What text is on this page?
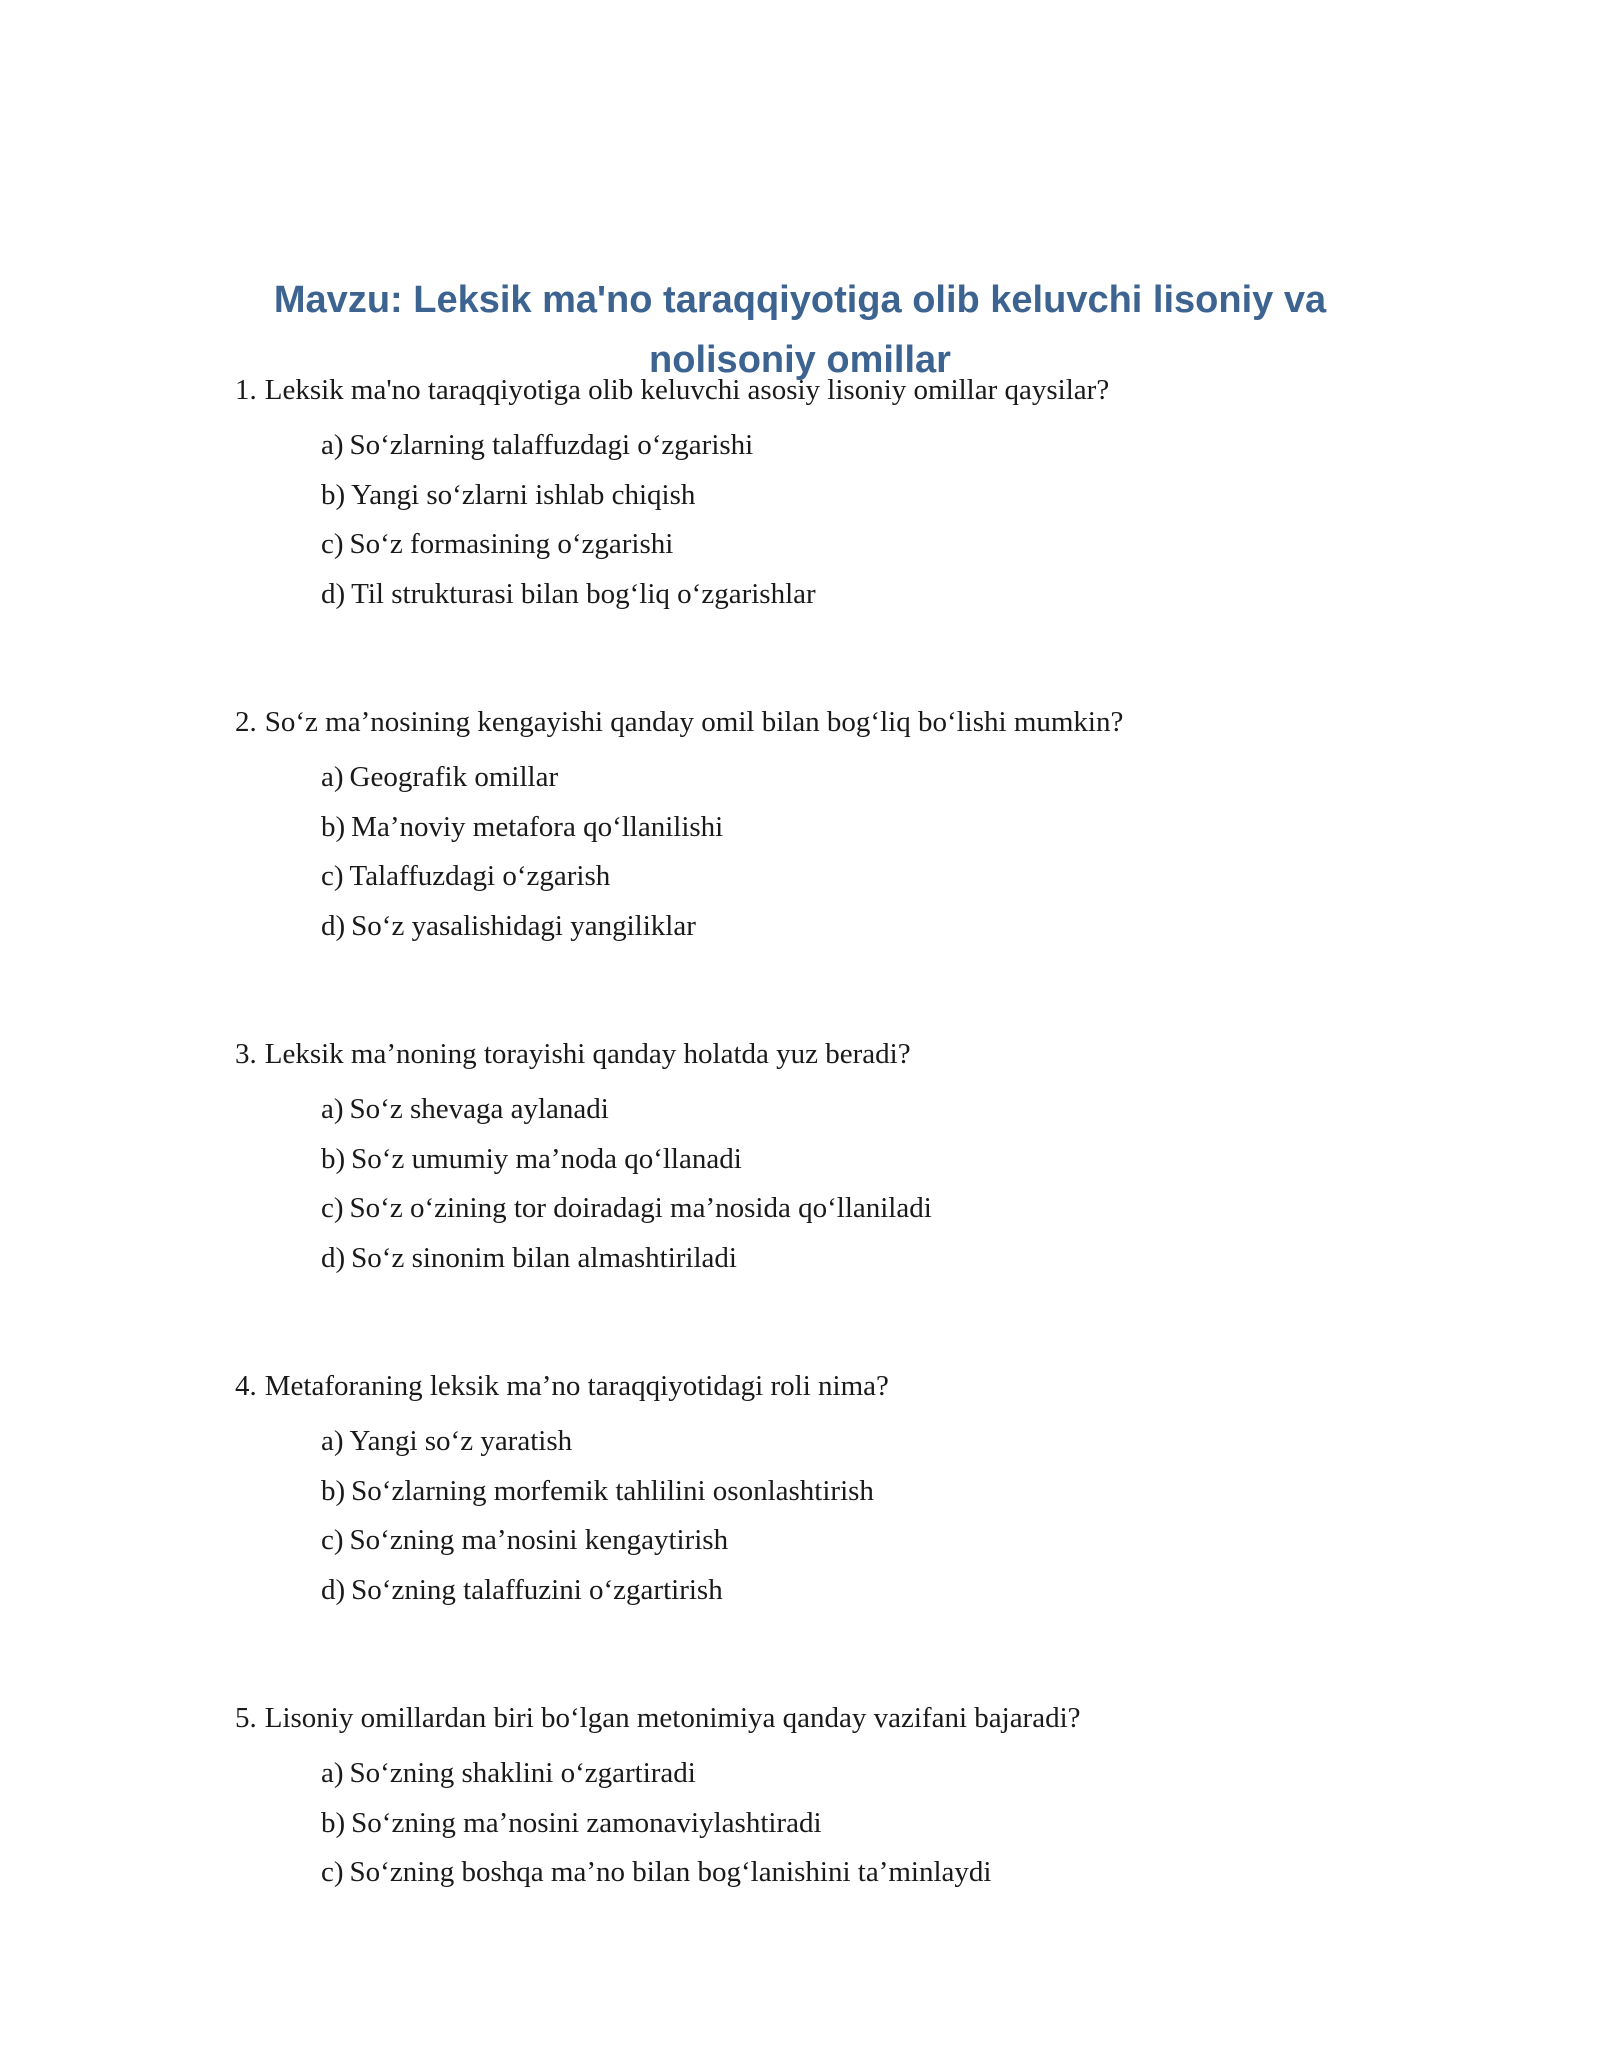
Mavzu: Leksik ma'no taraqqiyotiga olib keluvchi lisoniy va
nolisoniy omillar
1. Leksik ma'no taraqqiyotiga olib keluvchi asosiy lisoniy omillar qaysilar?
a) So‘zlarning talaffuzdagi o‘zgarishi
b) Yangi so‘zlarni ishlab chiqish
c) So‘z formasining o‘zgarishi
d) Til strukturasi bilan bog‘liq o‘zgarishlar
2. So‘z ma’nosining kengayishi qanday omil bilan bog‘liq bo‘lishi mumkin?
a) Geografik omillar
b) Ma’noviy metafora qo‘llanilishi
c) Talaffuzdagi o‘zgarish
d) So‘z yasalishidagi yangiliklar
3. Leksik ma’noning torayishi qanday holatda yuz beradi?
a) So‘z shevaga aylanadi
b) So‘z umumiy ma’noda qo‘llanadi
c) So‘z o‘zining tor doiradagi ma’nosida qo‘llaniladi
d) So‘z sinonim bilan almashtiriladi
4. Metaforaning leksik ma’no taraqqiyotidagi roli nima?
a) Yangi so‘z yaratish
b) So‘zlarning morfemik tahlilini osonlashtirish
c) So‘zning ma’nosini kengaytirish
d) So‘zning talaffuzini o‘zgartirish
5. Lisoniy omillardan biri bo‘lgan metonimiya qanday vazifani bajaradi?
a) So‘zning shaklini o‘zgartiradi
b) So‘zning ma’nosini zamonaviylashtiradi
c) So‘zning boshqa ma’no bilan bog‘lanishini ta’minlaydi
